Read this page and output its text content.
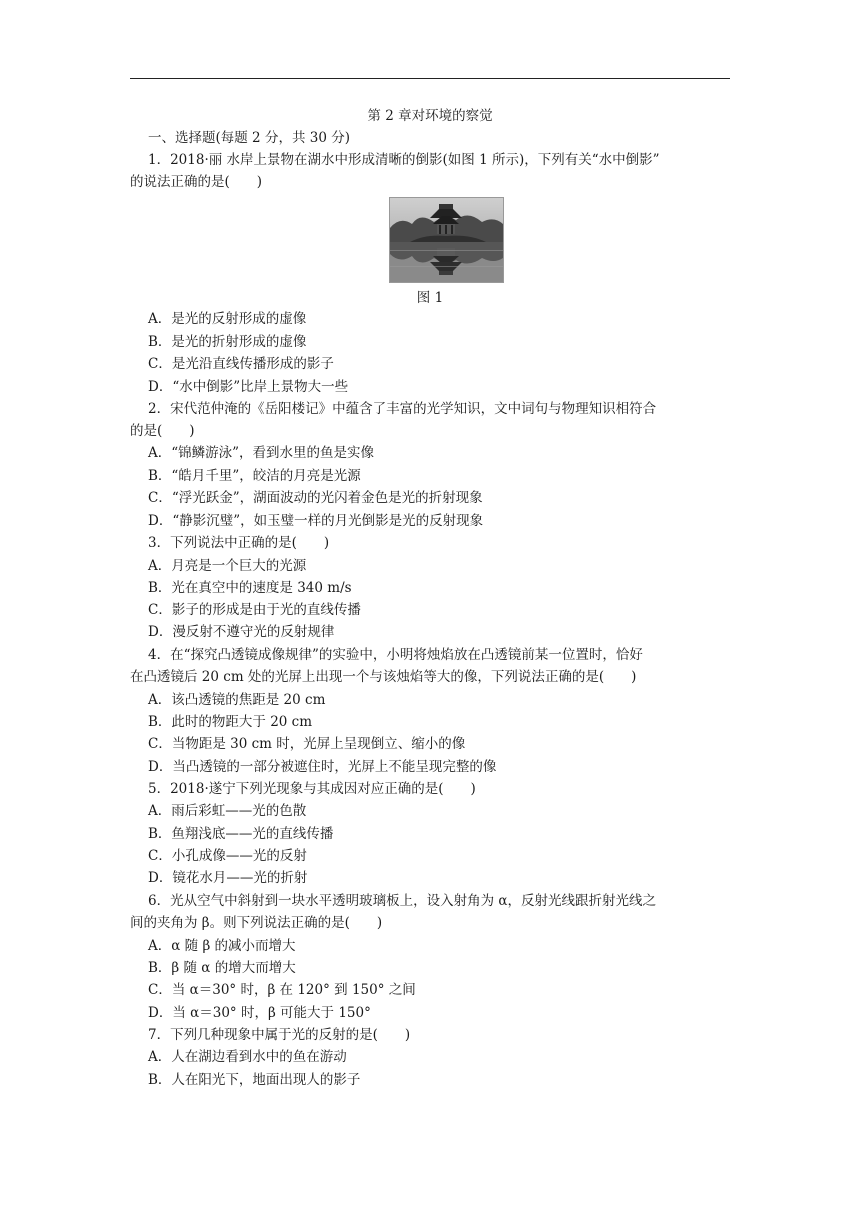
第 2 章对环境的察觉
一、选择题(每题 2 分，共 30 分)
1．2018·丽 水岸上景物在湖水中形成清晰的倒影(如图 1 所示)，下列有关“水中倒影”
的说法正确的是(　　)
图 1
A．是光的反射形成的虚像
B．是光的折射形成的虚像
C．是光沿直线传播形成的影子
D．“水中倒影”比岸上景物大一些
2．宋代范仲淹的《岳阳楼记》中蕴含了丰富的光学知识，文中词句与物理知识相符合
的是(　　)
A．“锦鳞游泳”，看到水里的鱼是实像
B．“皓月千里”，皎洁的月亮是光源
C．“浮光跃金”，湖面波动的光闪着金色是光的折射现象
D．“静影沉璧”，如玉璧一样的月光倒影是光的反射现象
3．下列说法中正确的是(　　)
A．月亮是一个巨大的光源
B．光在真空中的速度是 340 m/s
C．影子的形成是由于光的直线传播
D．漫反射不遵守光的反射规律
4．在“探究凸透镜成像规律”的实验中，小明将烛焰放在凸透镜前某一位置时，恰好
在凸透镜后 20 cm 处的光屏上出现一个与该烛焰等大的像，下列说法正确的是(　　)
A．该凸透镜的焦距是 20 cm
B．此时的物距大于 20 cm
C．当物距是 30 cm 时，光屏上呈现倒立、缩小的像
D．当凸透镜的一部分被遮住时，光屏上不能呈现完整的像
5．2018·遂宁下列光现象与其成因对应正确的是(　　)
A．雨后彩虹——光的色散
B．鱼翔浅底——光的直线传播
C．小孔成像——光的反射
D．镜花水月——光的折射
6．光从空气中斜射到一块水平透明玻璃板上，设入射角为 α，反射光线跟折射光线之
间的夹角为 β。则下列说法正确的是(　　)
A．α 随 β 的减小而增大
B．β 随 α 的增大而增大
C．当 α＝30° 时，β 在 120° 到 150° 之间
D．当 α＝30° 时，β 可能大于 150°
7．下列几种现象中属于光的反射的是(　　)
A．人在湖边看到水中的鱼在游动
B．人在阳光下，地面出现人的影子
